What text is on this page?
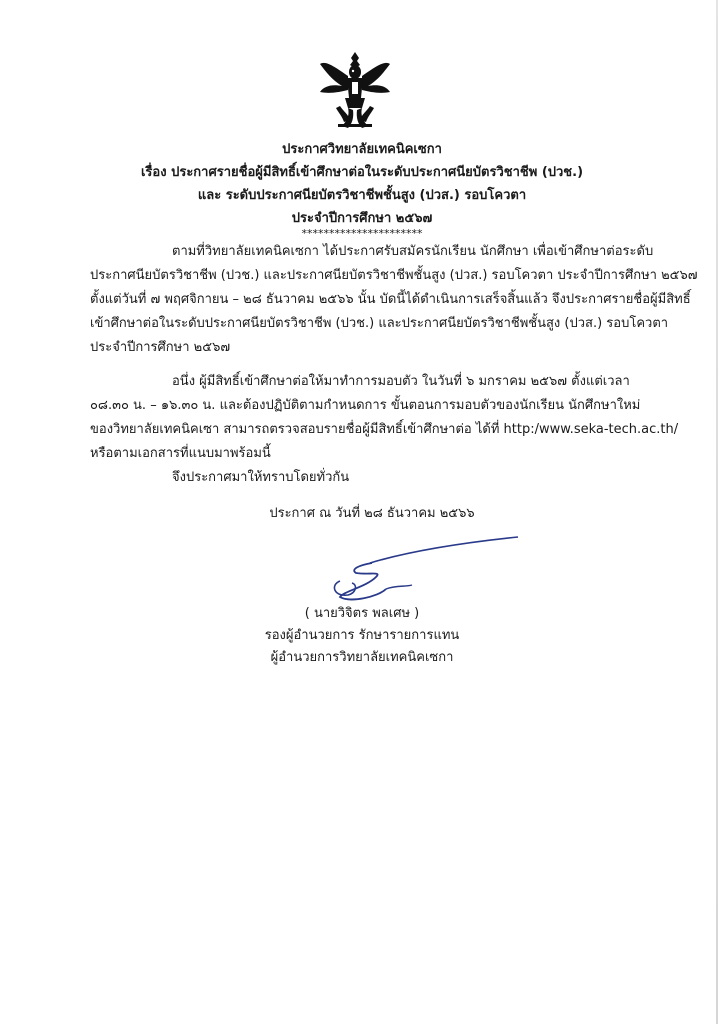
ประกาศวิทยาลัยเทคนิคเซกา
เรื่อง ประกาศรายชื่อผู้มีสิทธิ์เข้าศึกษาต่อในระดับประกาศนียบัตรวิชาชีพ (ปวช.)
และ ระดับประกาศนียบัตรวิชาชีพชั้นสูง (ปวส.) รอบโควตา
ประจำปีการศึกษา ๒๕๖๗
**********************
ตามที่วิทยาลัยเทคนิคเซกา ได้ประกาศรับสมัครนักเรียน นักศึกษา เพื่อเข้าศึกษาต่อระดับ
ประกาศนียบัตรวิชาชีพ (ปวช.) และประกาศนียบัตรวิชาชีพชั้นสูง (ปวส.) รอบโควตา ประจำปีการศึกษา ๒๕๖๗
ตั้งแต่วันที่ ๗ พฤศจิกายน – ๒๘ ธันวาคม ๒๕๖๖ นั้น บัดนี้ได้ดำเนินการเสร็จสิ้นแล้ว จึงประกาศรายชื่อผู้มีสิทธิ์
เข้าศึกษาต่อในระดับประกาศนียบัตรวิชาชีพ (ปวช.) และประกาศนียบัตรวิชาชีพชั้นสูง (ปวส.) รอบโควตา
ประจำปีการศึกษา ๒๕๖๗
อนึ่ง ผู้มีสิทธิ์เข้าศึกษาต่อให้มาทำการมอบตัว ในวันที่ ๖ มกราคม ๒๕๖๗ ตั้งแต่เวลา
๐๘.๓๐ น. – ๑๖.๓๐ น. และต้องปฏิบัติตามกำหนดการ ขั้นตอนการมอบตัวของนักเรียน นักศึกษาใหม่
ของวิทยาลัยเทคนิคเซา สามารถตรวจสอบรายชื่อผู้มีสิทธิ์เข้าศึกษาต่อ ได้ที่ http:/www.seka-tech.ac.th/
หรือตามเอกสารที่แนบมาพร้อมนี้
จึงประกาศมาให้ทราบโดยทั่วกัน
ประกาศ ณ วันที่ ๒๘ ธันวาคม ๒๕๖๖
( นายวิจิตร พลเศษ )
รองผู้อำนวยการ รักษารายการแทน
ผู้อำนวยการวิทยาลัยเทคนิคเซกา
